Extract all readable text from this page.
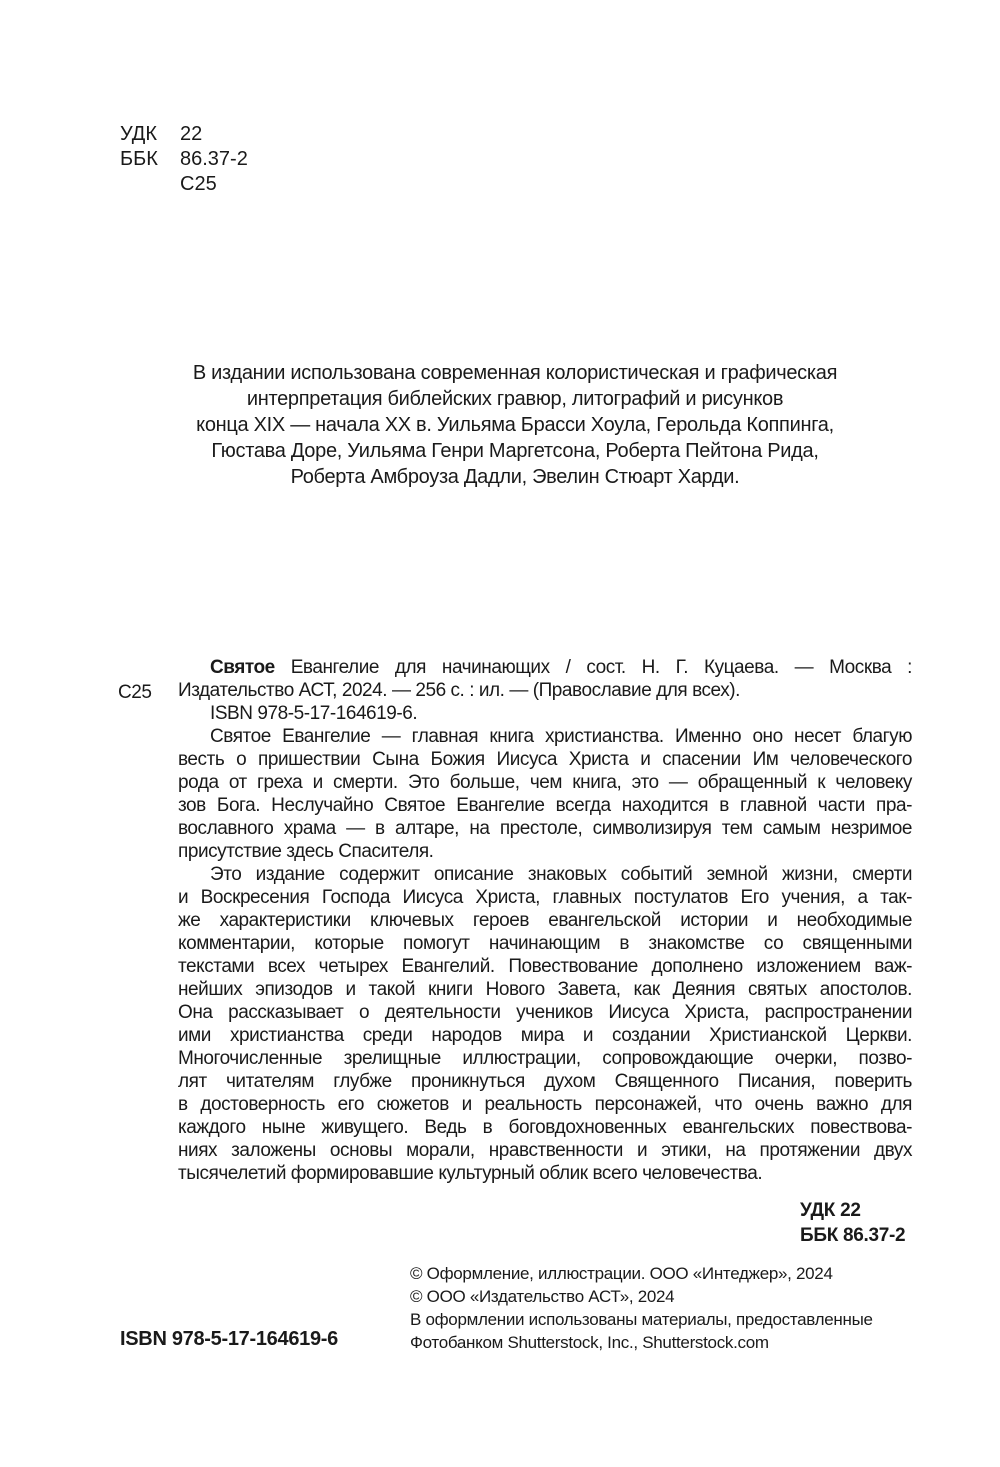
УДК	22
ББК	86.37-2
С25
В издании использована современная колористическая и графическая
интерпретация библейских гравюр, литографий и рисунков
конца XIX — начала XX в. Уильяма Брасси Хоула, Герольда Коппинга,
Гюстава Доре, Уильяма Генри Маргетсона, Роберта Пейтона Рида,
Роберта Амброуза Дадли, Эвелин Стюарт Харди.
С25
Святое Евангелие для начинающих / сост. Н. Г. Куцаева. — Москва :
Издательство АСТ, 2024. — 256 с. : ил. — (Православие для всех).
ISBN 978-5-17-164619-6.
Святое Евангелие — главная книга христианства. Именно оно несет благую
весть о пришествии Сына Божия Иисуса Христа и спасении Им человеческого
рода от греха и смерти. Это больше, чем книга, это — обращенный к человеку
зов Бога. Неслучайно Святое Евангелие всегда находится в главной части пра-
вославного храма — в алтаре, на престоле, символизируя тем самым незримое
присутствие здесь Спасителя.
Это издание содержит описание знаковых событий земной жизни, смерти
и Воскресения Господа Иисуса Христа, главных постулатов Его учения, а так-
же характеристики ключевых героев евангельской истории и необходимые
комментарии, которые помогут начинающим в знакомстве со священными
текстами всех четырех Евангелий. Повествование дополнено изложением важ-
нейших эпизодов и такой книги Нового Завета, как Деяния святых апостолов.
Она рассказывает о деятельности учеников Иисуса Христа, распространении
ими христианства среди народов мира и создании Христианской Церкви.
Многочисленные зрелищные иллюстрации, сопровождающие очерки, позво-
лят читателям глубже проникнуться духом Священного Писания, поверить
в достоверность его сюжетов и реальность персонажей, что очень важно для
каждого ныне живущего. Ведь в боговдохновенных евангельских повествова-
ниях заложены основы морали, нравственности и этики, на протяжении двух
тысячелетий формировавшие культурный облик всего человечества.
УДК 22
ББК 86.37-2
© Оформление, иллюстрации. ООО «Интеджер», 2024
© ООО «Издательство АСТ», 2024
В оформлении использованы материалы, предоставленные
Фотобанком Shutterstock, Inc., Shutterstock.com
ISBN 978-5-17-164619-6
